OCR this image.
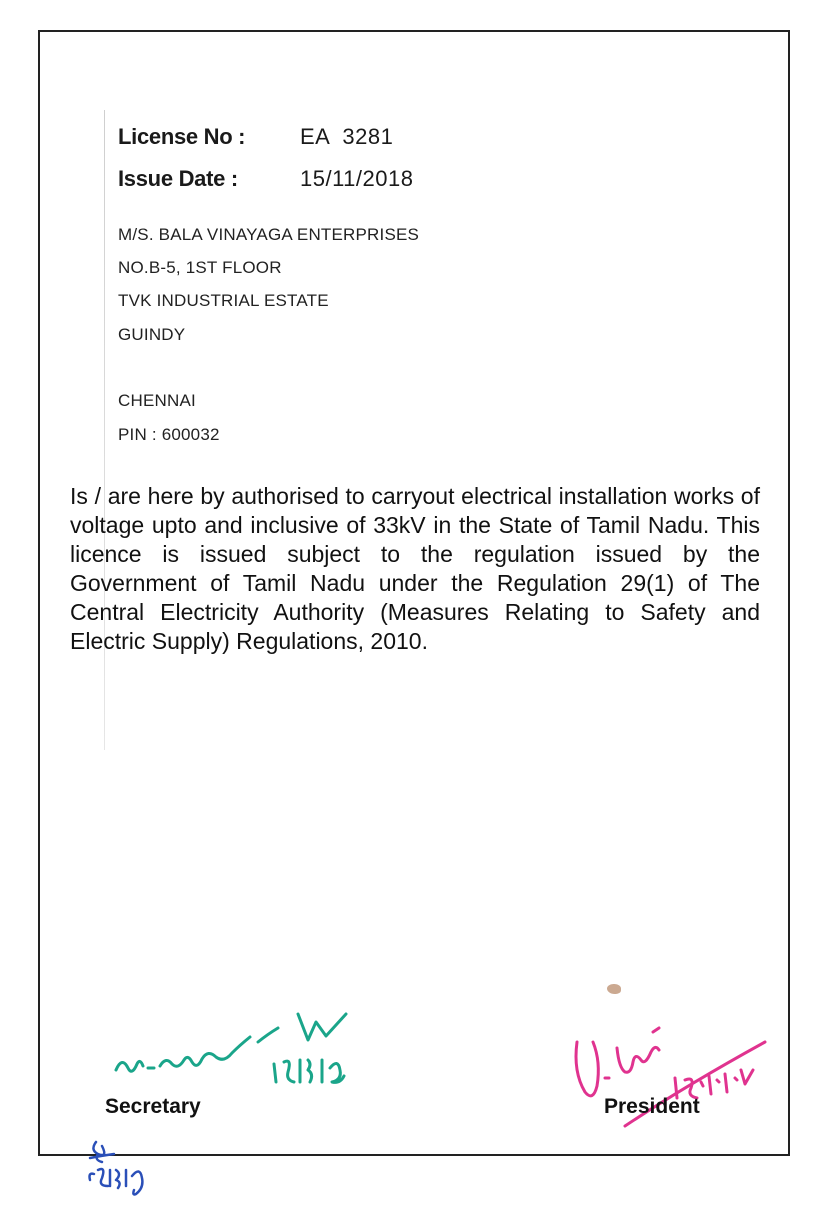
License No :	EA  3281
Issue Date :	15/11/2018
M/S. BALA VINAYAGA ENTERPRISES
NO.B-5, 1ST FLOOR
TVK INDUSTRIAL ESTATE
GUINDY
CHENNAI
PIN : 600032
Is / are here by authorised to carryout electrical installation works of voltage upto and inclusive of 33kV in the State of Tamil Nadu. This licence is issued subject to the regulation issued by the Government of Tamil Nadu under the Regulation 29(1) of The Central Electricity Authority (Measures Relating to Safety and Electric Supply) Regulations, 2010.
Secretary	President
